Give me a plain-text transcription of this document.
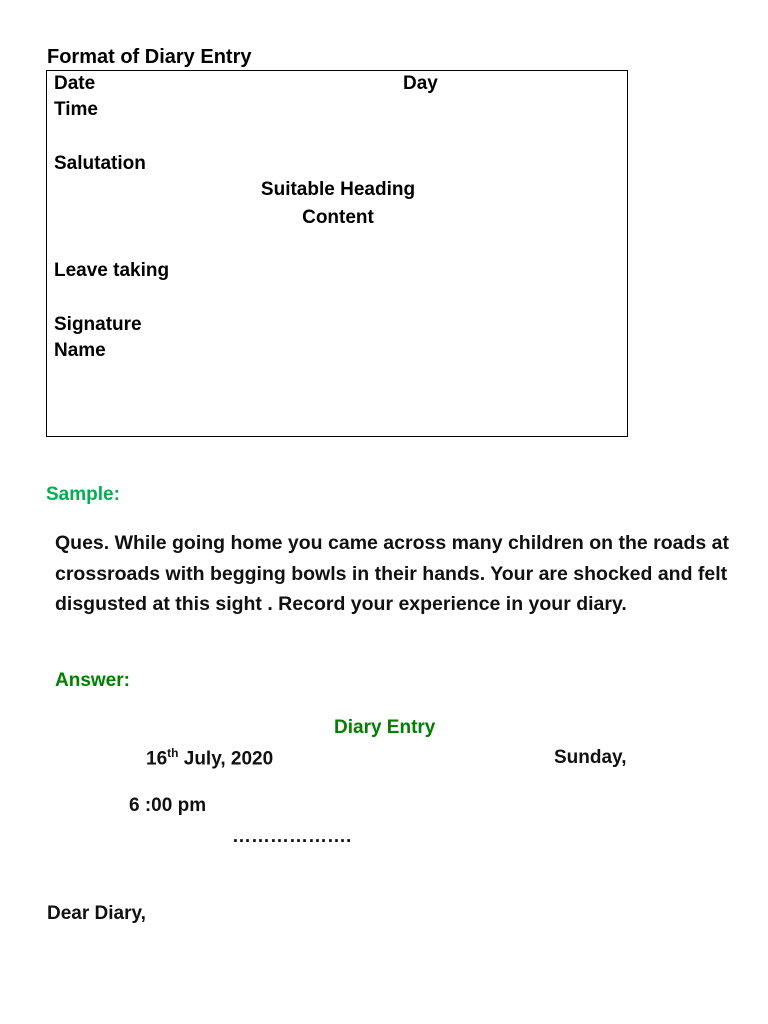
Format of Diary Entry
Date	Day
Time
Salutation
Suitable Heading
Content
Leave taking
Signature
Name
Sample:
Ques. While going home you came across many children on the roads at crossroads with begging bowls in their hands. Your are shocked and felt disgusted at this sight . Record your experience in your diary.
Answer:
Diary Entry
16th July, 2020	Sunday,
6 :00 pm
……………….
Dear Diary,
